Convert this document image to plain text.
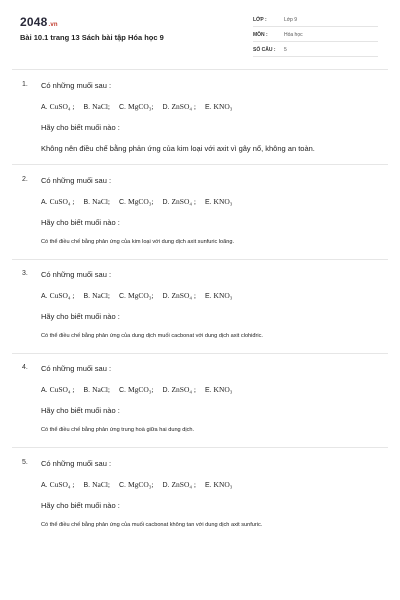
2048.vn
Bài 10.1 trang 13 Sách bài tập Hóa học 9
LỚP :	Lớp 9
MÔN :	Hóa học
SỐ CÂU : 5
1. Có những muối sau :
A. CuSO₄ ; B. NaCl; C. MgCO₃; D. ZnSO₄ ; E. KNO₃
Hãy cho biết muối nào :
Không nên điều chế bằng phản ứng của kim loại với axit vì gây nổ, không an toàn.
2. Có những muối sau :
A. CuSO₄ ; B. NaCl; C. MgCO₃; D. ZnSO₄ ; E. KNO₃
Hãy cho biết muối nào :
Có thể điều chế bằng phản ứng của kim loại với dung dịch axit sunfuric loãng.
3. Có những muối sau :
A. CuSO₄ ; B. NaCl; C. MgCO₃; D. ZnSO₄ ; E. KNO₃
Hãy cho biết muối nào :
Có thể điều chế bằng phản ứng của dung dịch muối cacbonat với dung dịch axit clohiđric.
4. Có những muối sau :
A. CuSO₄ ; B. NaCl; C. MgCO₃; D. ZnSO₄ ; E. KNO₃
Hãy cho biết muối nào :
Có thể điều chế bằng phản ứng trung hoà giữa hai dung dịch.
5. Có những muối sau :
A. CuSO₄ ; B. NaCl; C. MgCO₃; D. ZnSO₄ ; E. KNO₃
Hãy cho biết muối nào :
Có thể điều chế bằng phản ứng của muối cacbonat không tan với dung dịch axit sunfuric.
